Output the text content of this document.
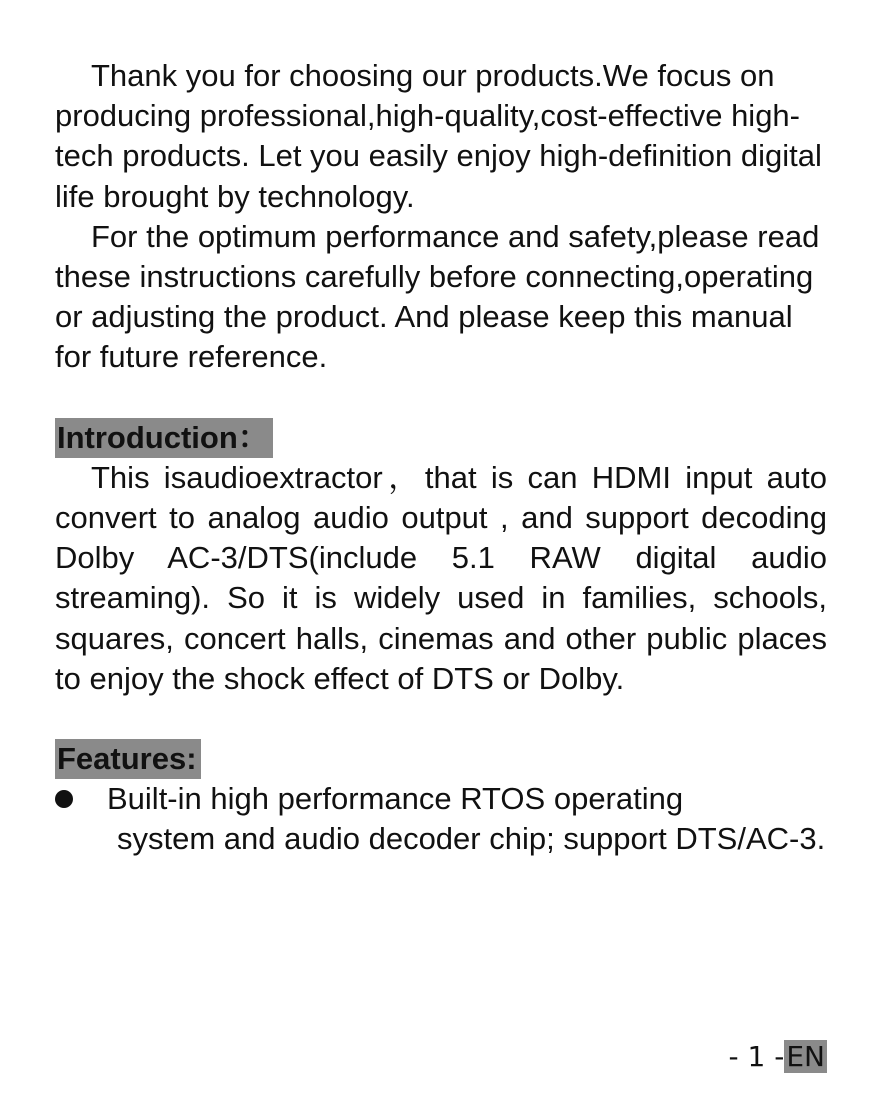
Thank you for choosing our products.We focus on producing professional,high-quality,cost-effective high-tech products. Let you easily enjoy high-definition digital life brought by technology.

For the optimum performance and safety,please read these instructions carefully before connecting,operating or adjusting the product. And please keep this manual for future reference.

Introduction：

This isaudioextractor，that is can HDMI input auto convert to analog audio output , and support decoding Dolby AC-3/DTS(include 5.1 RAW digital audio streaming). So it is widely used in families, schools, squares, concert halls, cinemas and other public places to enjoy the shock effect of DTS or Dolby.

Features:

Built-in high performance RTOS operating
system and audio decoder chip; support DTS/AC-3.
- 1 -EN
